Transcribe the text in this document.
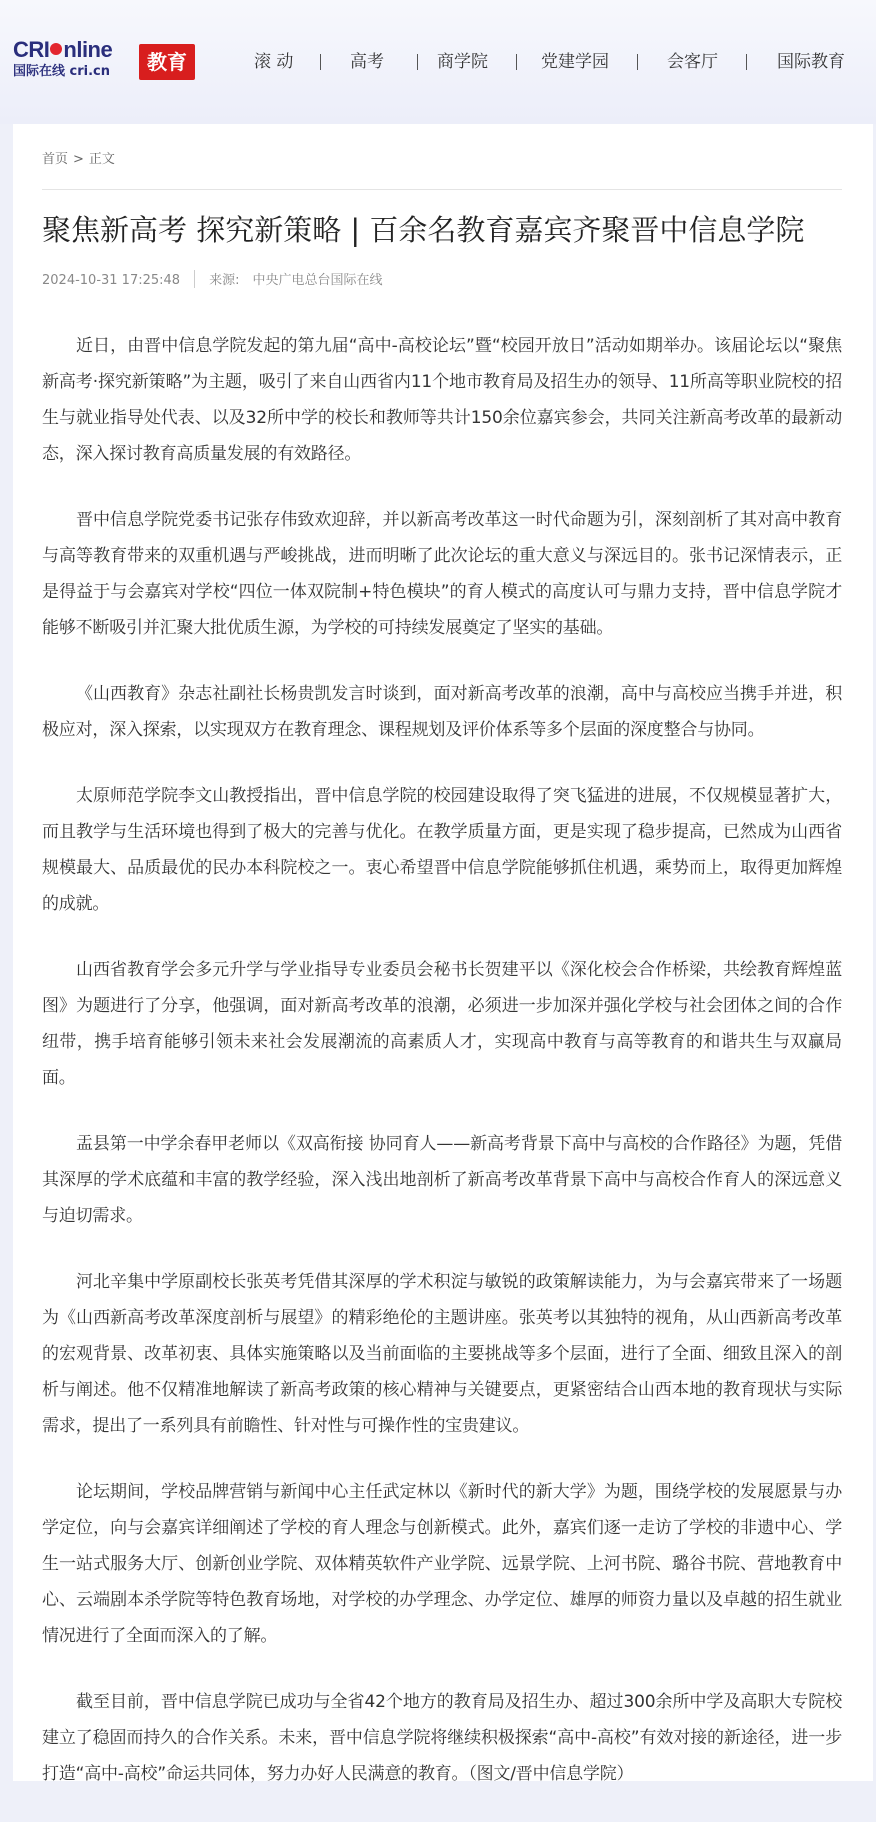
CRI nline
国际在线 cri.cn	教育	滚 动	高考	商学院	党建学园	会客厅	国际教育
首页 > 正文
聚焦新高考 探究新策略 | 百余名教育嘉宾齐聚晋中信息学院
2024-10-31 17:25:48 来源: 中央广电总台国际在线

近日，由晋中信息学院发起的第九届“高中-高校论坛”暨“校园开放日”活动如期举办。该届论坛以“聚焦新高考·探究新策略”为主题，吸引了来自山西省内11个地市教育局及招生办的领导、11所高等职业院校的招生与就业指导处代表、以及32所中学的校长和教师等共计150余位嘉宾参会，共同关注新高考改革的最新动态，深入探讨教育高质量发展的有效路径。

晋中信息学院党委书记张存伟致欢迎辞，并以新高考改革这一时代命题为引，深刻剖析了其对高中教育与高等教育带来的双重机遇与严峻挑战，进而明晰了此次论坛的重大意义与深远目的。张书记深情表示，正是得益于与会嘉宾对学校“四位一体双院制+特色模块”的育人模式的高度认可与鼎力支持，晋中信息学院才能够不断吸引并汇聚大批优质生源，为学校的可持续发展奠定了坚实的基础。

《山西教育》杂志社副社长杨贵凯发言时谈到，面对新高考改革的浪潮，高中与高校应当携手并进，积极应对，深入探索，以实现双方在教育理念、课程规划及评价体系等多个层面的深度整合与协同。

太原师范学院李文山教授指出，晋中信息学院的校园建设取得了突飞猛进的进展，不仅规模显著扩大，而且教学与生活环境也得到了极大的完善与优化。在教学质量方面，更是实现了稳步提高，已然成为山西省规模最大、品质最优的民办本科院校之一。衷心希望晋中信息学院能够抓住机遇，乘势而上，取得更加辉煌的成就。

山西省教育学会多元升学与学业指导专业委员会秘书长贺建平以《深化校会合作桥梁，共绘教育辉煌蓝图》为题进行了分享，他强调，面对新高考改革的浪潮，必须进一步加深并强化学校与社会团体之间的合作纽带，携手培育能够引领未来社会发展潮流的高素质人才，实现高中教育与高等教育的和谐共生与双赢局面。

盂县第一中学余春甲老师以《双高衔接 协同育人——新高考背景下高中与高校的合作路径》为题，凭借其深厚的学术底蕴和丰富的教学经验，深入浅出地剖析了新高考改革背景下高中与高校合作育人的深远意义与迫切需求。

河北辛集中学原副校长张英考凭借其深厚的学术积淀与敏锐的政策解读能力，为与会嘉宾带来了一场题为《山西新高考改革深度剖析与展望》的精彩绝伦的主题讲座。张英考以其独特的视角，从山西新高考改革的宏观背景、改革初衷、具体实施策略以及当前面临的主要挑战等多个层面，进行了全面、细致且深入的剖析与阐述。他不仅精准地解读了新高考政策的核心精神与关键要点，更紧密结合山西本地的教育现状与实际需求，提出了一系列具有前瞻性、针对性与可操作性的宝贵建议。

论坛期间，学校品牌营销与新闻中心主任武定林以《新时代的新大学》为题，围绕学校的发展愿景与办学定位，向与会嘉宾详细阐述了学校的育人理念与创新模式。此外，嘉宾们逐一走访了学校的非遗中心、学生一站式服务大厅、创新创业学院、双体精英软件产业学院、远景学院、上河书院、璐谷书院、营地教育中心、云端剧本杀学院等特色教育场地，对学校的办学理念、办学定位、雄厚的师资力量以及卓越的招生就业情况进行了全面而深入的了解。

截至目前，晋中信息学院已成功与全省42个地方的教育局及招生办、超过300余所中学及高职大专院校建立了稳固而持久的合作关系。未来，晋中信息学院将继续积极探索“高中-高校”有效对接的新途径，进一步打造“高中-高校”命运共同体，努力办好人民满意的教育。（图文/晋中信息学院）
